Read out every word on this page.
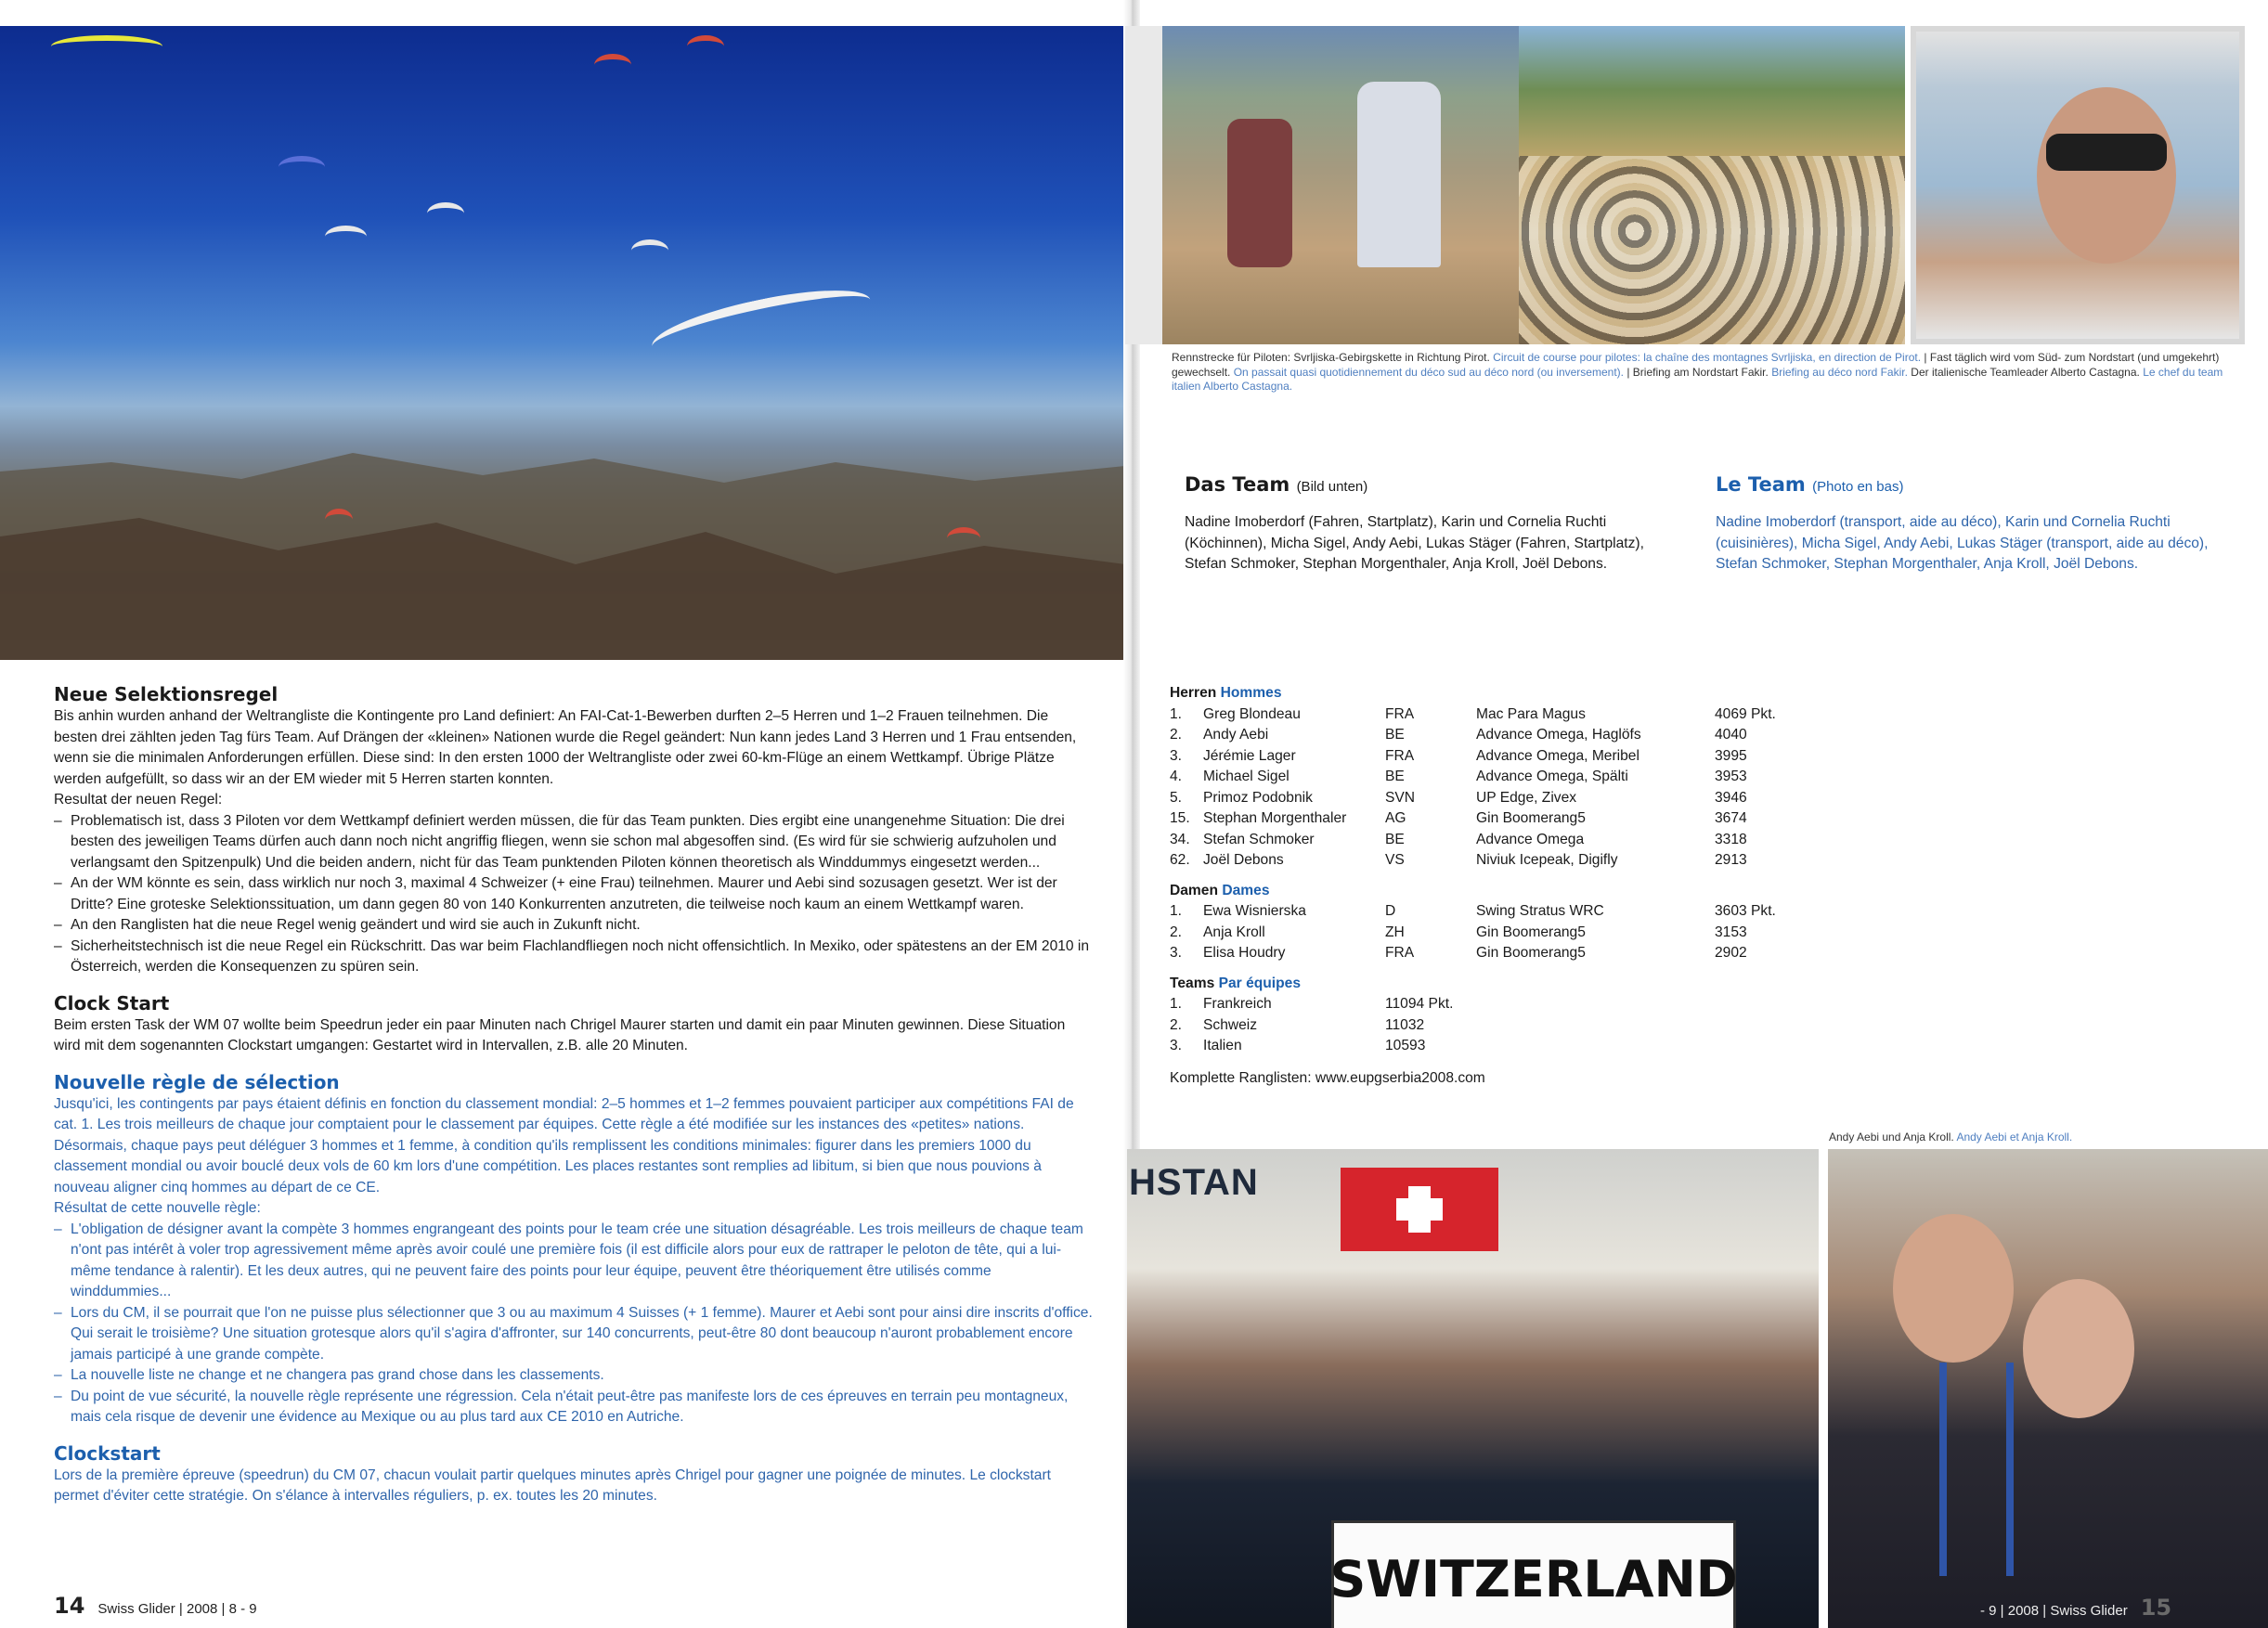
Neue Selektionsregel

Bis anhin wurden anhand der Weltrangliste die Kontingente pro Land definiert: An FAI-Cat-1-Bewerben durften 2–5 Herren und 1–2 Frauen teilnehmen. Die besten drei zählten jeden Tag fürs Team. Auf Drängen der «kleinen» Nationen wurde die Regel geändert: Nun kann jedes Land 3 Herren und 1 Frau entsenden, wenn sie die minimalen Anforderungen erfüllen. Diese sind: In den ersten 1000 der Weltrangliste oder zwei 60-km-Flüge an einem Wettkampf. Übrige Plätze werden aufgefüllt, so dass wir an der EM wieder mit 5 Herren starten konnten.

Resultat der neuen Regel:

– Problematisch ist, dass 3 Piloten vor dem Wettkampf definiert werden müssen, die für das Team punkten. Dies ergibt eine unangenehme Situation: Die drei besten des jeweiligen Teams dürfen auch dann noch nicht angriffig fliegen, wenn sie schon mal abgesoffen sind. (Es wird für sie schwierig aufzuholen und verlangsamt den Spitzenpulk) Und die beiden andern, nicht für das Team punktenden Piloten können theoretisch als Winddummys eingesetzt werden...
– An der WM könnte es sein, dass wirklich nur noch 3, maximal 4 Schweizer (+ eine Frau) teilnehmen. Maurer und Aebi sind sozusagen gesetzt. Wer ist der Dritte? Eine groteske Selektionssituation, um dann gegen 80 von 140 Konkurrenten anzutreten, die teilweise noch kaum an einem Wettkampf waren.
– An den Ranglisten hat die neue Regel wenig geändert und wird sie auch in Zukunft nicht.
– Sicherheitstechnisch ist die neue Regel ein Rückschritt. Das war beim Flachlandfliegen noch nicht offensichtlich. In Mexiko, oder spätestens an der EM 2010 in Österreich, werden die Konsequenzen zu spüren sein.
Clock Start

Beim ersten Task der WM 07 wollte beim Speedrun jeder ein paar Minuten nach Chrigel Maurer starten und damit ein paar Minuten gewinnen. Diese Situation wird mit dem sogenannten Clockstart umgangen: Gestartet wird in Intervallen, z.B. alle 20 Minuten.

Nouvelle règle de sélection

Jusqu'ici, les contingents par pays étaient définis en fonction du classement mondial: 2–5 hommes et 1–2 femmes pouvaient participer aux compétitions FAI de cat. 1. Les trois meilleurs de chaque jour comptaient pour le classement par équipes. Cette règle a été modifiée sur les instances des «petites» nations. Désormais, chaque pays peut déléguer 3 hommes et 1 femme, à condition qu'ils remplissent les conditions minimales: figurer dans les premiers 1000 du classement mondial ou avoir bouclé deux vols de 60 km lors d'une compétition. Les places restantes sont remplies ad libitum, si bien que nous pouvions à nouveau aligner cinq hommes au départ de ce CE.

Résultat de cette nouvelle règle:

– L'obligation de désigner avant la compète 3 hommes engrangeant des points pour le team crée une situation désagréable. Les trois meilleurs de chaque team n'ont pas intérêt à voler trop agressivement même après avoir coulé une première fois (il est difficile alors pour eux de rattraper le peloton de tête, qui a lui-même tendance à ralentir). Et les deux autres, qui ne peuvent faire des points pour leur équipe, peuvent être théoriquement être utilisés comme winddummies...
– Lors du CM, il se pourrait que l'on ne puisse plus sélectionner que 3 ou au maximum 4 Suisses (+ 1 femme). Maurer et Aebi sont pour ainsi dire inscrits d'office. Qui serait le troisième? Une situation grotesque alors qu'il s'agira d'affronter, sur 140 concurrents, peut-être 80 dont beaucoup n'auront probablement encore jamais participé à une grande compète.
– La nouvelle liste ne change et ne changera pas grand chose dans les classements.
– Du point de vue sécurité, la nouvelle règle représente une régression. Cela n'était peut-être pas manifeste lors de ces épreuves en terrain peu montagneux, mais cela risque de devenir une évidence au Mexique ou au plus tard aux CE 2010 en Autriche.
Clockstart

Lors de la première épreuve (speedrun) du CM 07, chacun voulait partir quelques minutes après Chrigel pour gagner une poignée de minutes. Le clockstart permet d'éviter cette stratégie. On s'élance à intervalles réguliers, p. ex. toutes les 20 minutes.

14 Swiss Glider | 2008 | 8 - 9
Rennstrecke für Piloten: Svrljiska-Gebirgskette in Richtung Pirot. Circuit de course pour pilotes: la chaîne des montagnes Svrljiska, en direction de Pirot. | Fast täglich wird vom Süd- zum Nordstart (und umgekehrt) gewechselt. On passait quasi quotidiennement du déco sud au déco nord (ou inversement). | Briefing am Nordstart Fakir. Briefing au déco nord Fakir. Der italienische Teamleader Alberto Castagna. Le chef du team italien Alberto Castagna.
Das Team (Bild unten)
Nadine Imoberdorf (Fahren, Startplatz), Karin und Cornelia Ruchti (Köchinnen), Micha Sigel, Andy Aebi, Lukas Stäger (Fahren, Startplatz), Stefan Schmoker, Stephan Morgenthaler, Anja Kroll, Joël Debons.
Le Team (Photo en bas)
Nadine Imoberdorf (transport, aide au déco), Karin und Cornelia Ruchti (cuisinières), Micha Sigel, Andy Aebi, Lukas Stäger (transport, aide au déco), Stefan Schmoker, Stephan Morgenthaler, Anja Kroll, Joël Debons.
Herren Hommes
1.	Greg Blondeau	FRA	Mac Para Magus	4069 Pkt.
2.	Andy Aebi	BE	Advance Omega, Haglöfs	4040
3.	Jérémie Lager	FRA	Advance Omega, Meribel	3995
4.	Michael Sigel	BE	Advance Omega, Spälti	3953
5.	Primoz Podobnik	SVN	UP Edge, Zivex	3946
15. Stephan Morgenthaler	AG	Gin Boomerang5	3674
34. Stefan Schmoker	BE	Advance Omega	3318
62. Joël Debons	VS	Niviuk Icepeak, Digifly	2913
Damen Dames
1.	Ewa Wisnierska	D	Swing Stratus WRC	3603 Pkt.
2.	Anja Kroll	ZH	Gin Boomerang5	3153
3.	Elisa Houdry	FRA	Gin Boomerang5	2902
Teams Par équipes
1.	Frankreich	11094 Pkt.
2.	Schweiz	11032
3.	Italien	10593
Komplette Ranglisten: www.eupgserbia2008.com
HSTAN
SWITZERLAND
Andy Aebi und Anja Kroll. Andy Aebi et Anja Kroll.
- 9 | 2008 | Swiss Glider 15
